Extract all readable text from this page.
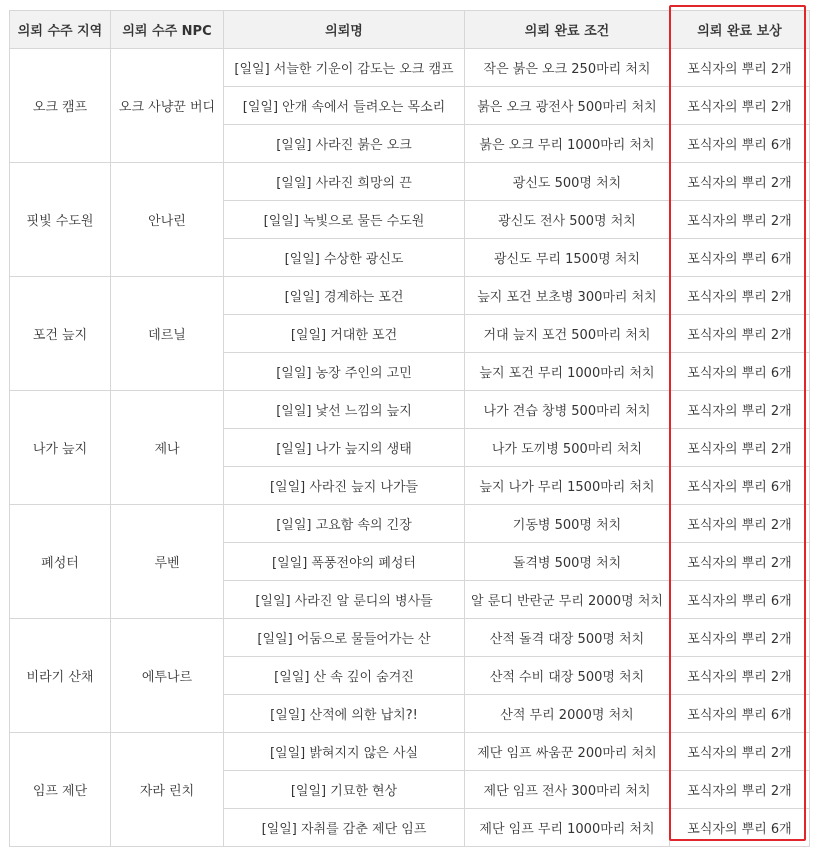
의뢰 수주 지역	의뢰 수주 NPC	의뢰명	의뢰 완료 조건	의뢰 완료 보상
오크 캠프	오크 사냥꾼 버디	[일일] 서늘한 기운이 감도는 오크 캠프	작은 붉은 오크 250마리 처치	포식자의 뿌리 2개
		[일일] 안개 속에서 들려오는 목소리	붉은 오크 광전사 500마리 처치	포식자의 뿌리 2개
		[일일] 사라진 붉은 오크	붉은 오크 무리 1000마리 처치	포식자의 뿌리 6개
핏빛 수도원	안나린	[일일] 사라진 희망의 끈	광신도 500명 처치	포식자의 뿌리 2개
		[일일] 녹빛으로 물든 수도원	광신도 전사 500명 처치	포식자의 뿌리 2개
		[일일] 수상한 광신도	광신도 무리 1500명 처치	포식자의 뿌리 6개
포건 늪지	데르닐	[일일] 경계하는 포건	늪지 포건 보초병 300마리 처치	포식자의 뿌리 2개
		[일일] 거대한 포건	거대 늪지 포건 500마리 처치	포식자의 뿌리 2개
		[일일] 농장 주인의 고민	늪지 포건 무리 1000마리 처치	포식자의 뿌리 6개
나가 늪지	제나	[일일] 낯선 느낌의 늪지	나가 견습 창병 500마리 처치	포식자의 뿌리 2개
		[일일] 나가 늪지의 생태	나가 도끼병 500마리 처치	포식자의 뿌리 2개
		[일일] 사라진 늪지 나가들	늪지 나가 무리 1500마리 처치	포식자의 뿌리 6개
폐성터	루벤	[일일] 고요함 속의 긴장	기동병 500명 처치	포식자의 뿌리 2개
		[일일] 폭풍전야의 폐성터	돌격병 500명 처치	포식자의 뿌리 2개
		[일일] 사라진 알 룬디의 병사들	알 룬디 반란군 무리 2000명 처치	포식자의 뿌리 6개
비라기 산채	에투나르	[일일] 어둠으로 물들어가는 산	산적 돌격 대장 500명 처치	포식자의 뿌리 2개
		[일일] 산 속 깊이 숨겨진	산적 수비 대장 500명 처치	포식자의 뿌리 2개
		[일일] 산적에 의한 납치?!	산적 무리 2000명 처치	포식자의 뿌리 6개
임프 제단	자라 린치	[일일] 밝혀지지 않은 사실	제단 임프 싸움꾼 200마리 처치	포식자의 뿌리 2개
		[일일] 기묘한 현상	제단 임프 전사 300마리 처치	포식자의 뿌리 2개
		[일일] 자취를 감춘 제단 임프	제단 임프 무리 1000마리 처치	포식자의 뿌리 6개
